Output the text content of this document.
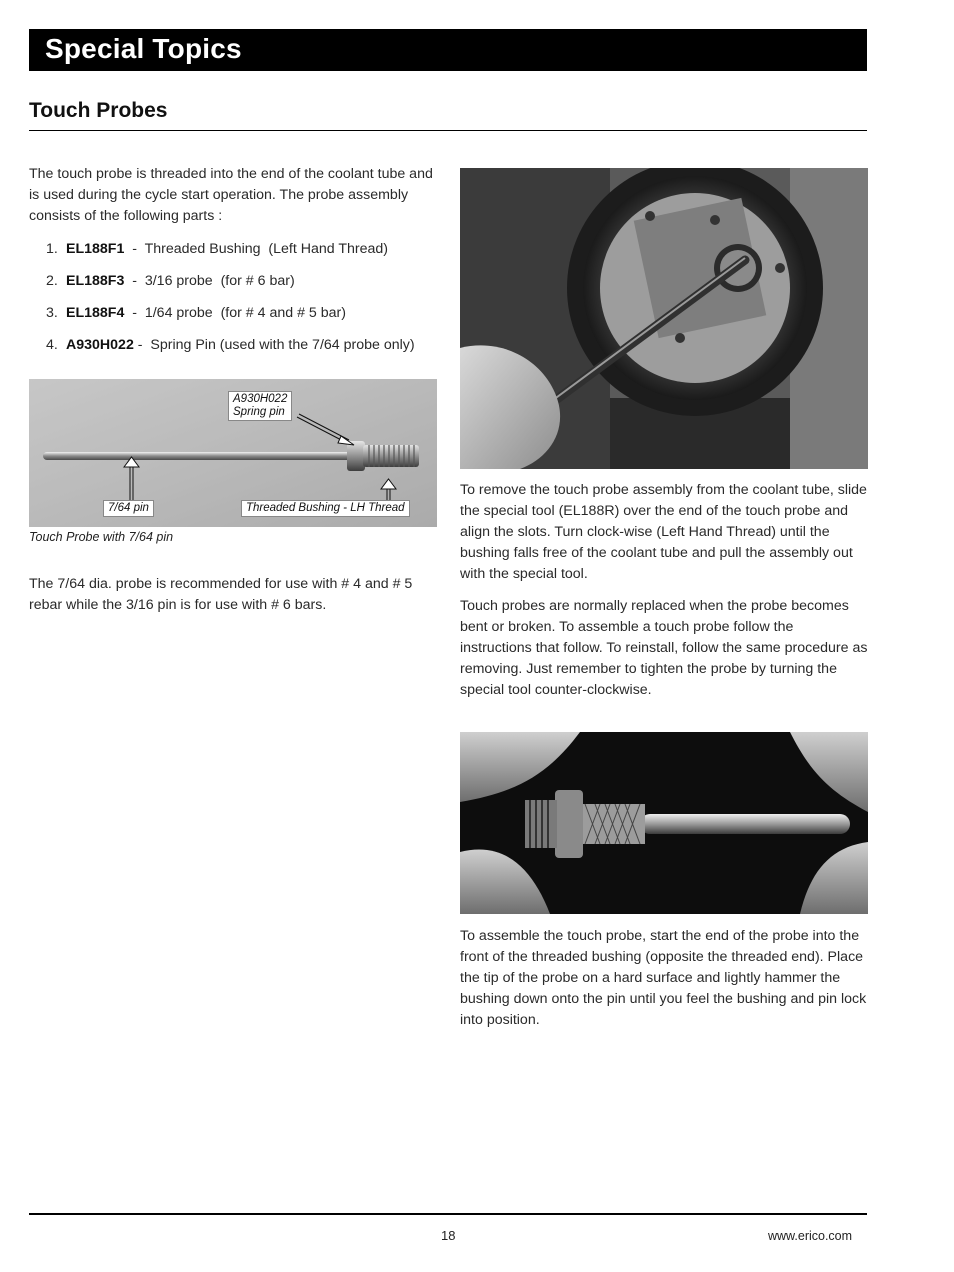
Special Topics
Touch Probes
The touch probe is threaded into the end of the coolant tube and is used during the cycle start operation. The probe assembly consists of the following parts :
1. EL188F1  -  Threaded Bushing  (Left Hand Thread)
2. EL188F3  -  3/16 probe  (for # 6 bar)
3. EL188F4  -  1/64 probe  (for # 4 and # 5 bar)
4. A930H022 -  Spring Pin (used with the 7/64 probe only)
A930H022
Spring pin
7/64 pin	Threaded Bushing - LH Thread
Touch Probe with 7/64 pin
The 7/64 dia. probe is recommended for use with # 4 and # 5 rebar while the 3/16 pin is for use with # 6 bars.
To remove the touch probe assembly from the coolant tube, slide the special tool (EL188R) over the end of the touch probe and align the slots. Turn clock-wise (Left Hand Thread) until the bushing falls free of the coolant tube and pull the assembly out with the special tool.
Touch probes are normally replaced when the probe becomes bent or broken. To assemble a touch probe follow the instructions that follow. To reinstall, follow the same procedure as removing. Just remember to tighten the probe by turning the special tool counter-clockwise.
To assemble the touch probe, start the end of the probe into the front of the threaded bushing (opposite the threaded end). Place the tip of the probe on a hard surface and lightly hammer the bushing down onto the pin until you feel the bushing and pin lock into position.
18	www.erico.com
